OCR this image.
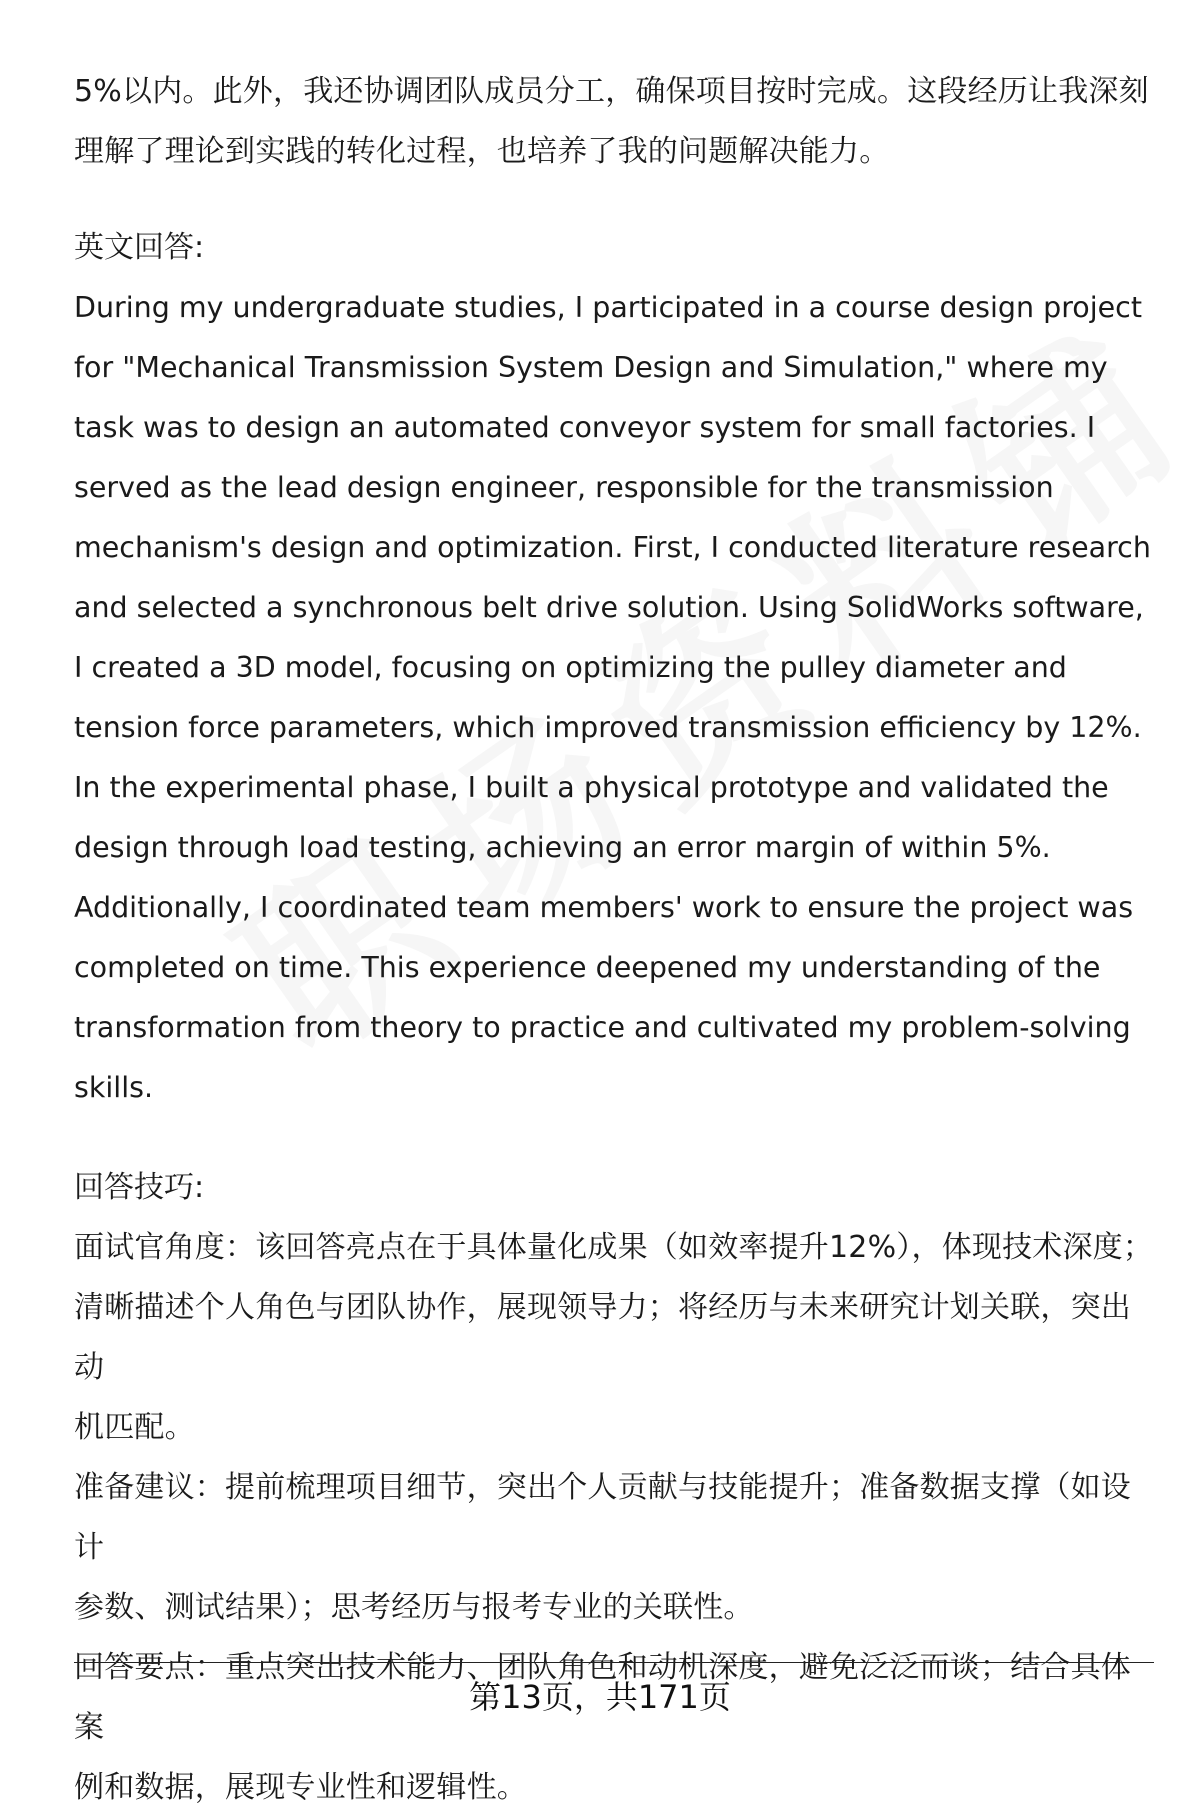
5%以内。此外，我还协调团队成员分工，确保项目按时完成。这段经历让我深刻

理解了理论到实践的转化过程，也培养了我的问题解决能力。

英文回答:

During my undergraduate studies, I participated in a course design project

for "Mechanical Transmission System Design and Simulation," where my

task was to design an automated conveyor system for small factories. I

served as the lead design engineer, responsible for the transmission

mechanism's design and optimization. First, I conducted literature research

and selected a synchronous belt drive solution. Using SolidWorks software,

I created a 3D model, focusing on optimizing the pulley diameter and

tension force parameters, which improved transmission efficiency by 12%.

In the experimental phase, I built a physical prototype and validated the

design through load testing, achieving an error margin of within 5%.

Additionally, I coordinated team members' work to ensure the project was

completed on time. This experience deepened my understanding of the

transformation from theory to practice and cultivated my problem-solving

skills.

回答技巧:

面试官角度：该回答亮点在于具体量化成果（如效率提升12%），体现技术深度；

清晰描述个人角色与团队协作，展现领导力；将经历与未来研究计划关联，突出动

机匹配。

准备建议：提前梳理项目细节，突出个人贡献与技能提升；准备数据支撑（如设计

参数、测试结果）；思考经历与报考专业的关联性。

回答要点：重点突出技术能力、团队角色和动机深度，避免泛泛而谈；结合具体案

例和数据，展现专业性和逻辑性。

第13页，共171页
